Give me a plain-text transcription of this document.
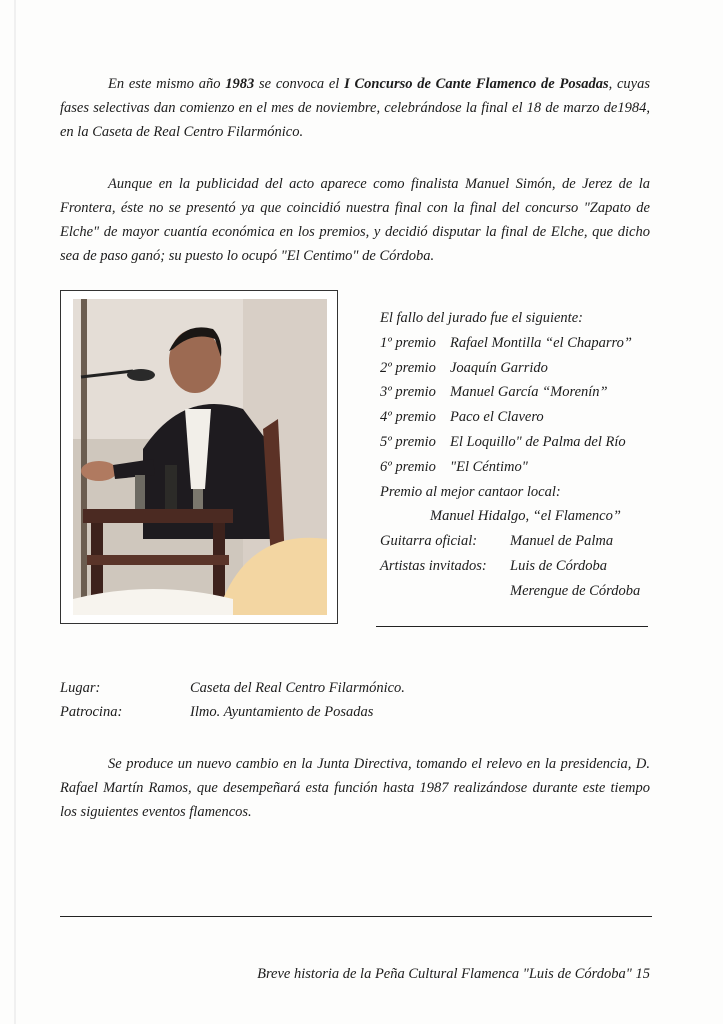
En este mismo año 1983 se convoca el I Concurso de Cante Flamenco de Posadas, cuyas fases selectivas dan comienzo en el mes de noviembre, celebrándose la final el 18 de marzo de1984, en la Caseta de Real Centro Filarmónico.
Aunque en la publicidad del acto aparece como finalista Manuel Simón, de Jerez de la Frontera, éste no se presentó ya que coincidió nuestra final con la final del concurso "Zapato de Elche" de mayor cuantía económica en los premios, y decidió disputar la final de Elche, que dicho sea de paso ganó; su puesto lo ocupó "El Centimo" de Córdoba.
El fallo del jurado fue el siguiente:
1º premio Rafael Montilla “el Chaparro”
2º premio Joaquín Garrido
3º premio Manuel García “Morenín”
4º premio Paco el Clavero
5º premio El Loquillo" de Palma del Río
6º premio "El Céntimo"
Premio al mejor cantaor local:
Manuel Hidalgo, “el Flamenco”
Guitarra oficial:	Manuel de Palma
Artistas invitados:	Luis de Córdoba
Merengue de Córdoba
Lugar:	Caseta del Real Centro Filarmónico.
Patrocina:	Ilmo. Ayuntamiento de Posadas
Se produce un nuevo cambio en la Junta Directiva, tomando el relevo en la presidencia, D. Rafael Martín Ramos, que desempeñará esta función hasta 1987 realizándose durante este tiempo los siguientes eventos flamencos.
Breve historia de la Peña Cultural Flamenca "Luis de Córdoba" 15
